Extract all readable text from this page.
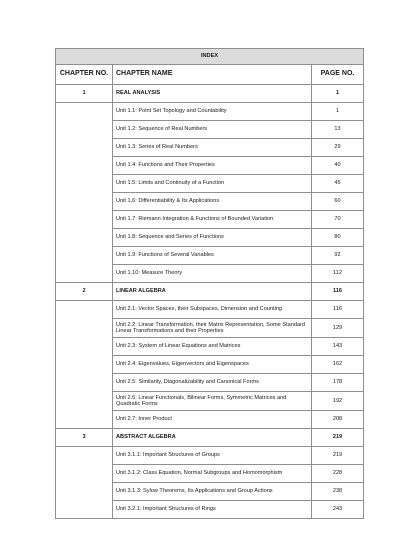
INDEX		
CHAPTER NO.	CHAPTER NAME	PAGE NO.
1	REAL ANALYSIS	1
	Unit 1.1: Point Set Topology and Countability	1
	Unit 1.2: Sequence of Real Numbers	13
	Unit 1.3: Series of Real Numbers	29
	Unit 1.4: Functions and Their Properties	40
	Unit 1.5: Limits and Continuity of a Function	45
	Unit 1.6: Differentiability & Its Applications	60
	Unit 1.7: Riemann Integration & Functions of Bounded Variation	70
	Unit 1.8: Sequence and Series of Functions	80
	Unit 1.9: Functions of Several Variables	92
	Unit 1.10: Measure Theory	112
2	LINEAR ALGEBRA	116
	Unit 2.1: Vector Spaces, their Subspaces, Dimension and Counting	116
	Unit 2.2: Linear Transformation, their Matrix Representation, Some Standard Linear Transformations and their Properties	129
	Unit 2.3: System of Linear Equations and Matrices	143
	Unit 2.4: Eigenvalues, Eigenvectors and Eigenspaces	162
	Unit 2.5: Similarity, Diagonalizability and Canonical Forms	178
	Unit 2.6: Linear Functionals, Bilinear Forms, Symmetric Matrices and Quadratic Forms	192
	Unit 2.7: Inner Product	208
3	ABSTRACT ALGEBRA	219
	Unit 3.1.1: Important Structures of Groups	219
	Unit 3.1.2: Class Equation, Normal Subgroups and Homomorphism	228
	Unit 3.1.3: Sylow Theorems, Its Applications and Group Actions	238
	Unit 3.2.1: Important Structures of Rings	243
